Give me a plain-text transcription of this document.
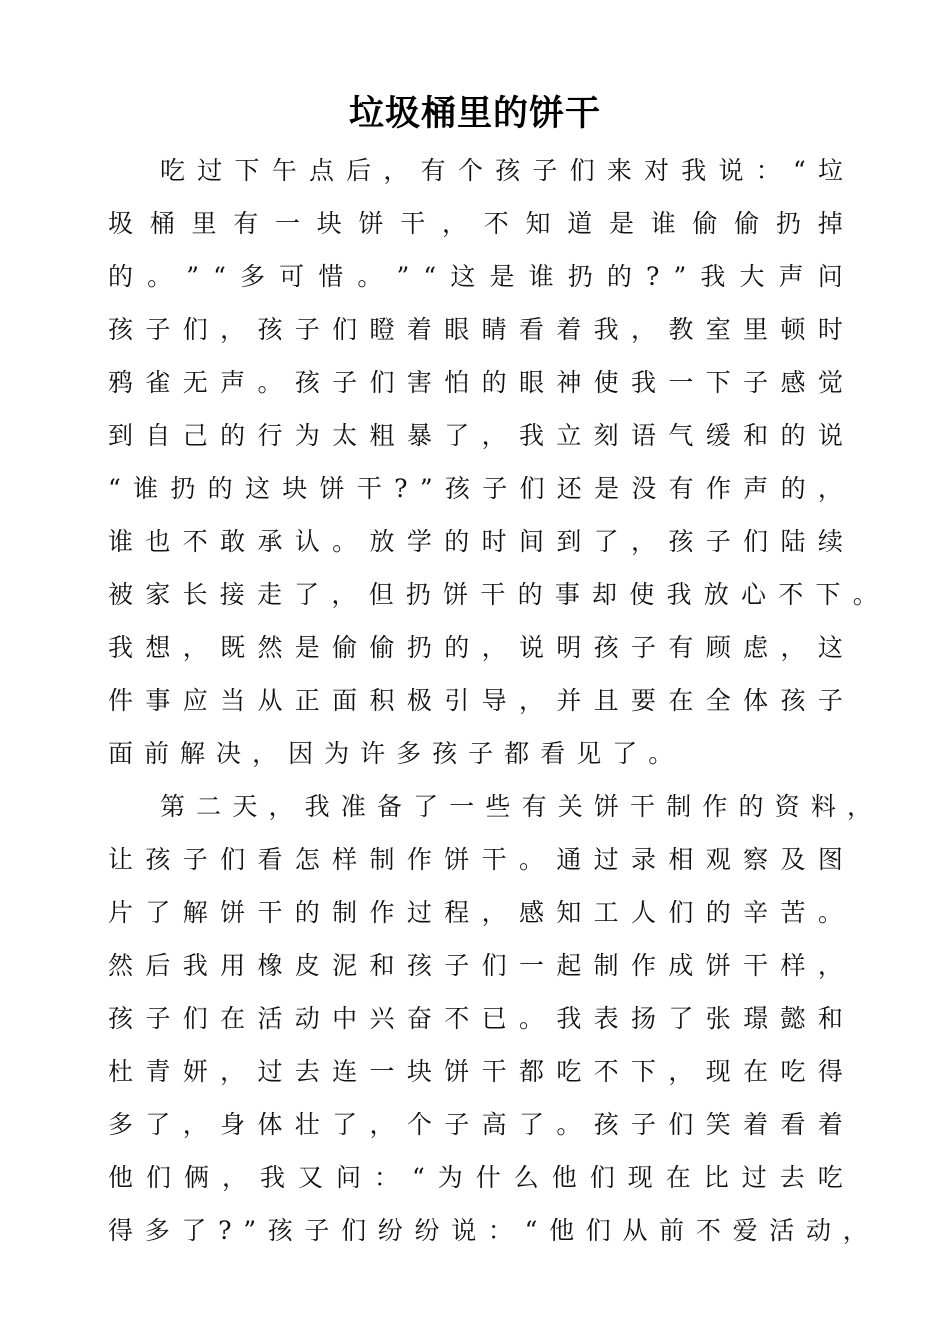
垃圾桶里的饼干
吃 过 下 午 点 后 ， 有 个 孩 子 们 来 对 我 说 ： “ 垃
圾 桶 里 有 一 块 饼 干 ， 不 知 道 是 谁 偷 偷 扔 掉
的 。 ” “ 多 可 惜 。 ” “ 这 是 谁 扔 的 ? ” 我 大 声 问
孩 子 们 ， 孩 子 们 瞪 着 眼 睛 看 着 我 ， 教 室 里 顿 时
鸦 雀 无 声 。 孩 子 们 害 怕 的 眼 神 使 我 一 下 子 感 觉
到 自 己 的 行 为 太 粗 暴 了 ， 我 立 刻 语 气 缓 和 的 说
“ 谁 扔 的 这 块 饼 干 ? ” 孩 子 们 还 是 没 有 作 声 的 ，
谁 也 不 敢 承 认 。 放 学 的 时 间 到 了 ， 孩 子 们 陆 续
被 家 长 接 走 了 ， 但 扔 饼 干 的 事 却 使 我 放 心 不 下 。
我 想 ， 既 然 是 偷 偷 扔 的 ， 说 明 孩 子 有 顾 虑 ， 这
件 事 应 当 从 正 面 积 极 引 导 ， 并 且 要 在 全 体 孩 子
面 前 解 决 ， 因 为 许 多 孩 子 都 看 见 了 。
第 二 天 ， 我 准 备 了 一 些 有 关 饼 干 制 作 的 资 料 ，
让 孩 子 们 看 怎 样 制 作 饼 干 。 通 过 录 相 观 察 及 图
片 了 解 饼 干 的 制 作 过 程 ， 感 知 工 人 们 的 辛 苦 。
然 后 我 用 橡 皮 泥 和 孩 子 们 一 起 制 作 成 饼 干 样 ，
孩 子 们 在 活 动 中 兴 奋 不 已 。 我 表 扬 了 张 璟 懿 和
杜 青 妍 ， 过 去 连 一 块 饼 干 都 吃 不 下 ， 现 在 吃 得
多 了 ， 身 体 壮 了 ， 个 子 高 了 。 孩 子 们 笑 着 看 着
他 们 俩 ， 我 又 问 ： “ 为 什 么 他 们 现 在 比 过 去 吃
得 多 了 ? ” 孩 子 们 纷 纷 说 ： “ 他 们 从 前 不 爱 活 动 ，
